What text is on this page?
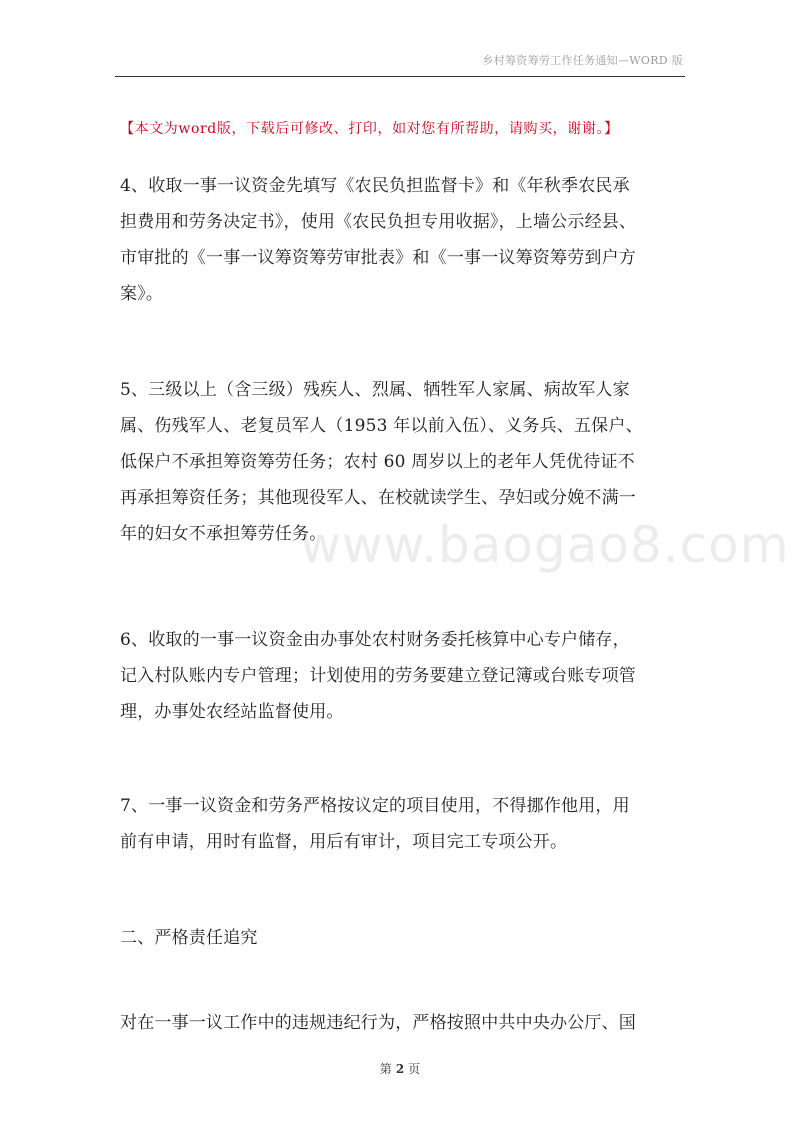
乡村筹资筹劳工作任务通知—WORD 版
【本文为word版，下载后可修改、打印，如对您有所帮助，请购买，谢谢。】
www.baogao8.com
4、收取一事一议资金先填写《农民负担监督卡》和《年秋季农民承
担费用和劳务决定书》，使用《农民负担专用收据》，上墙公示经县、
市审批的《一事一议筹资筹劳审批表》和《一事一议筹资筹劳到户方
案》。
5、三级以上（含三级）残疾人、烈属、牺牲军人家属、病故军人家
属、伤残军人、老复员军人（1953 年以前入伍）、义务兵、五保户、
低保户不承担筹资筹劳任务；农村 60 周岁以上的老年人凭优待证不
再承担筹资任务；其他现役军人、在校就读学生、孕妇或分娩不满一
年的妇女不承担筹劳任务。
6、收取的一事一议资金由办事处农村财务委托核算中心专户储存，
记入村队账内专户管理；计划使用的劳务要建立登记簿或台账专项管
理，办事处农经站监督使用。
7、一事一议资金和劳务严格按议定的项目使用，不得挪作他用，用
前有申请，用时有监督，用后有审计，项目完工专项公开。
二、严格责任追究
对在一事一议工作中的违规违纪行为，严格按照中共中央办公厅、国
第 2 页
